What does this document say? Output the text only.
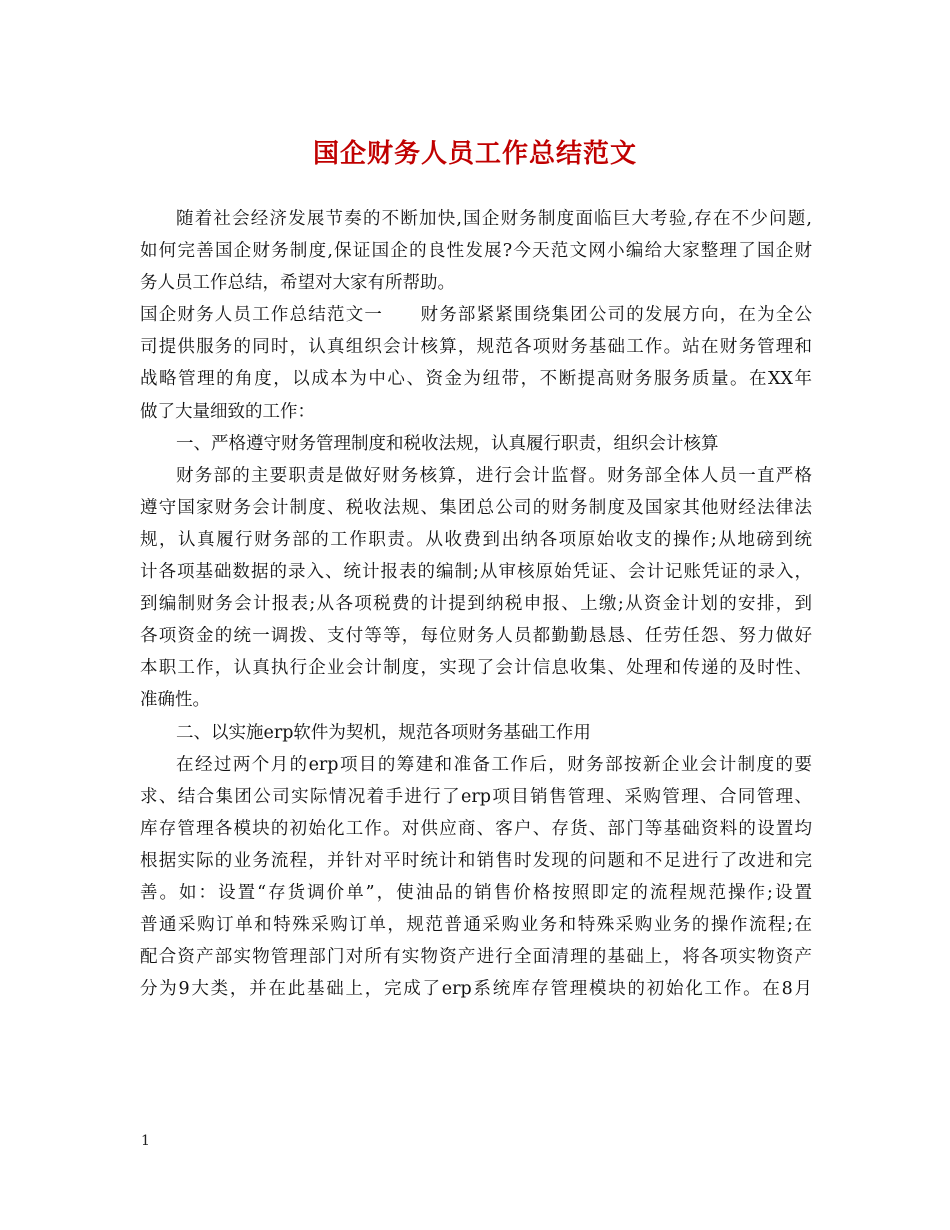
国企财务人员工作总结范文
随着社会经济发展节奏的不断加快,国企财务制度面临巨大考验,存在不少问题,
如何完善国企财务制度,保证国企的良性发展?今天范文网小编给大家整理了国企财
务人员工作总结，希望对大家有所帮助。
国企财务人员工作总结范文一　　财务部紧紧围绕集团公司的发展方向，在为全公
司提供服务的同时，认真组织会计核算，规范各项财务基础工作。站在财务管理和
战略管理的角度，以成本为中心、资金为纽带，不断提高财务服务质量。在XX年
做了大量细致的工作：
一、严格遵守财务管理制度和税收法规，认真履行职责，组织会计核算
财务部的主要职责是做好财务核算，进行会计监督。财务部全体人员一直严格
遵守国家财务会计制度、税收法规、集团总公司的财务制度及国家其他财经法律法
规，认真履行财务部的工作职责。从收费到出纳各项原始收支的操作;从地磅到统
计各项基础数据的录入、统计报表的编制;从审核原始凭证、会计记账凭证的录入，
到编制财务会计报表;从各项税费的计提到纳税申报、上缴;从资金计划的安排，到
各项资金的统一调拨、支付等等，每位财务人员都勤勤恳恳、任劳任怨、努力做好
本职工作，认真执行企业会计制度，实现了会计信息收集、处理和传递的及时性、
准确性。
二、以实施erp软件为契机，规范各项财务基础工作用
在经过两个月的erp项目的筹建和准备工作后，财务部按新企业会计制度的要
求、结合集团公司实际情况着手进行了erp项目销售管理、采购管理、合同管理、
库存管理各模块的初始化工作。对供应商、客户、存货、部门等基础资料的设置均
根据实际的业务流程，并针对平时统计和销售时发现的问题和不足进行了改进和完
善。如：设置“存货调价单”，使油品的销售价格按照即定的流程规范操作;设置
普通采购订单和特殊采购订单，规范普通采购业务和特殊采购业务的操作流程;在
配合资产部实物管理部门对所有实物资产进行全面清理的基础上，将各项实物资产
分为9大类，并在此基础上，完成了erp系统库存管理模块的初始化工作。在8月
1
